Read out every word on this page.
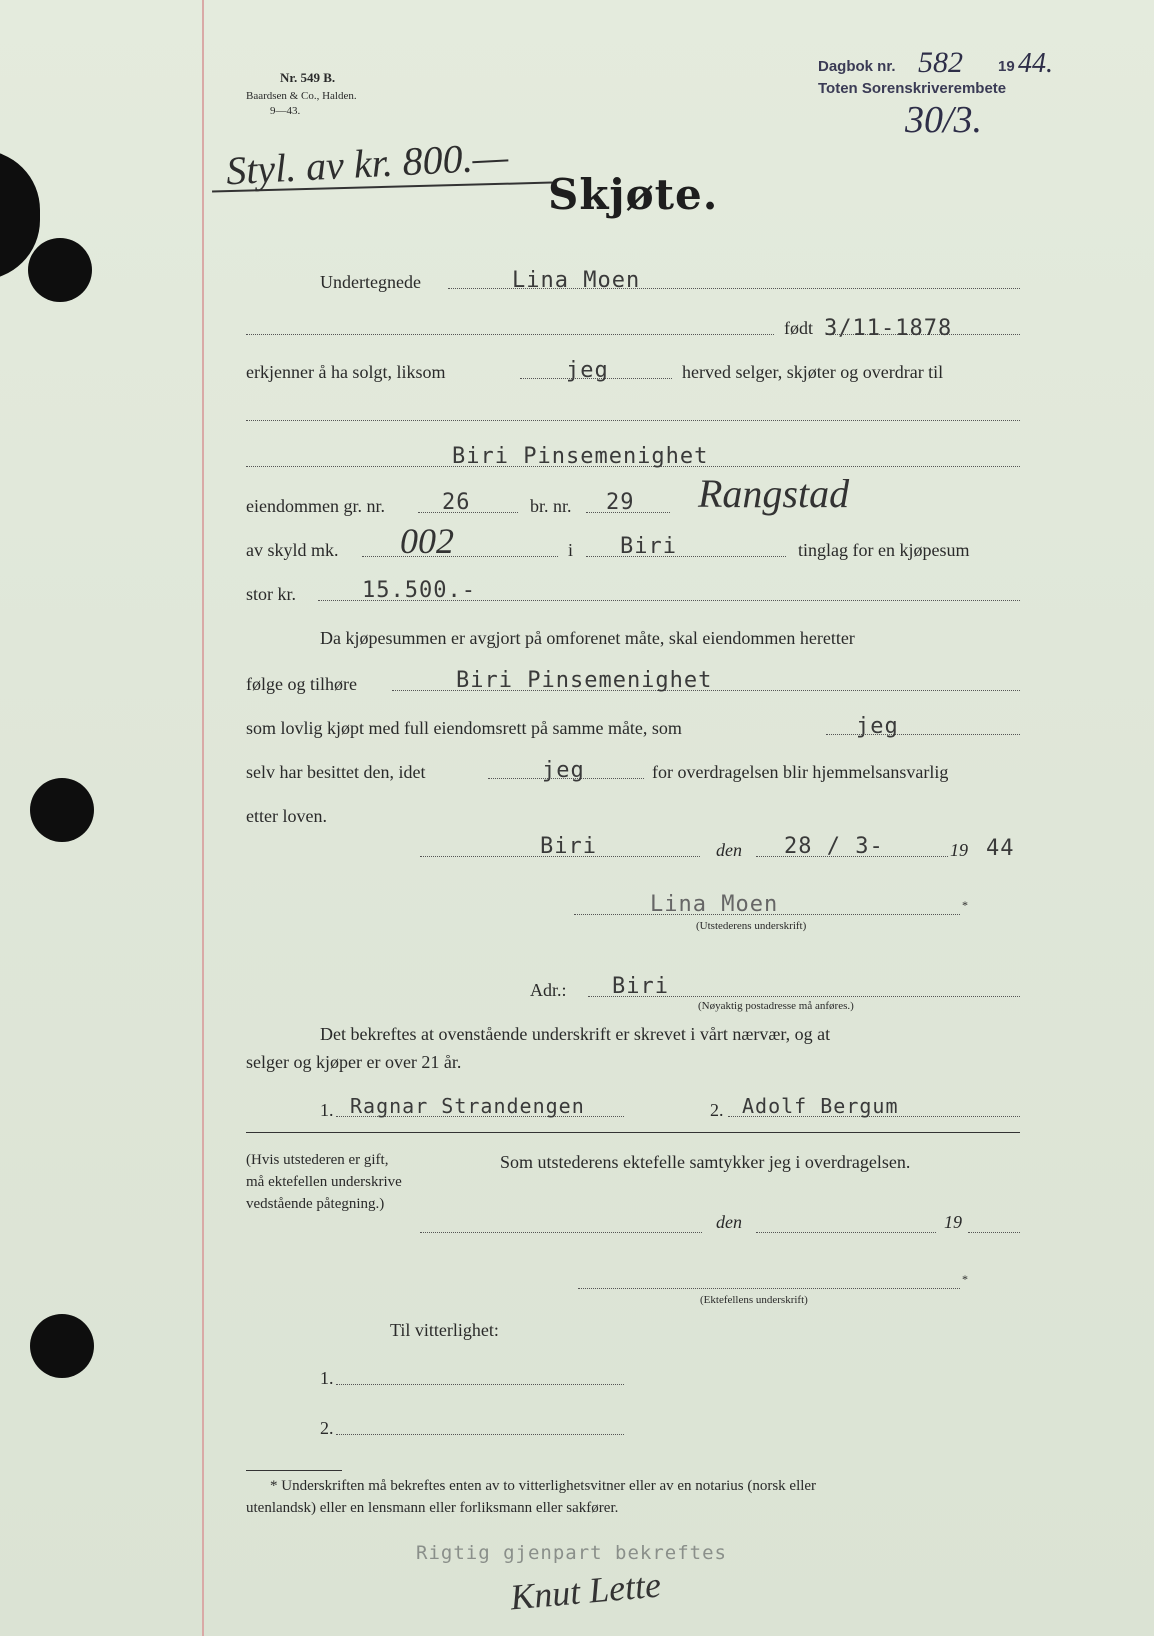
Nr. 549 B.
Baardsen & Co., Halden.
9—43.
Dagbok nr. 582 19 44.
Toten Sorenskriverembete
30/3.
Styl. av kr. 800.—
Skjøte.
Undertegnede	Lina Moen
født 3/11-1878
erkjenner å ha solgt, liksom	jeg	herved selger, skjøter og overdrar til
Biri Pinsemenighet
eiendommen gr. nr.	26	br. nr. 29 Rangstad
av skyld mk. 002	i Biri	tinglag for en kjøpesum
stor kr.	15.500.-
Da kjøpesummen er avgjort på omforenet måte, skal eiendommen heretter
følge og tilhøre	Biri Pinsemenighet
som lovlig kjøpt med full eiendomsrett på samme måte, som	jeg
selv har besittet den, idet	jeg	for overdragelsen blir hjemmelsansvarlig
etter loven.
Biri	den 28 / 3-	19 44
Lina Moen	*
(Utstederens underskrift)
Adr.: Biri
(Nøyaktig postadresse må anføres.)
Det bekreftes at ovenstående underskrift er skrevet i vårt nærvær, og at
selger og kjøper er over 21 år.
1. Ragnar Strandengen	2. Adolf Bergum
(Hvis utstederen er gift,
må ektefellen underskrive
vedstående påtegning.)
Som utstederens ektefelle samtykker jeg i overdragelsen.
den	19
*
(Ektefellens underskrift)
Til vitterlighet:
1.
2.
* Underskriften må bekreftes enten av to vitterlighetsvitner eller av en notarius (norsk eller
utenlandsk) eller en lensmann eller forliksmann eller sakfører.
Rigtig gjenpart bekreftes
Knut Lette
